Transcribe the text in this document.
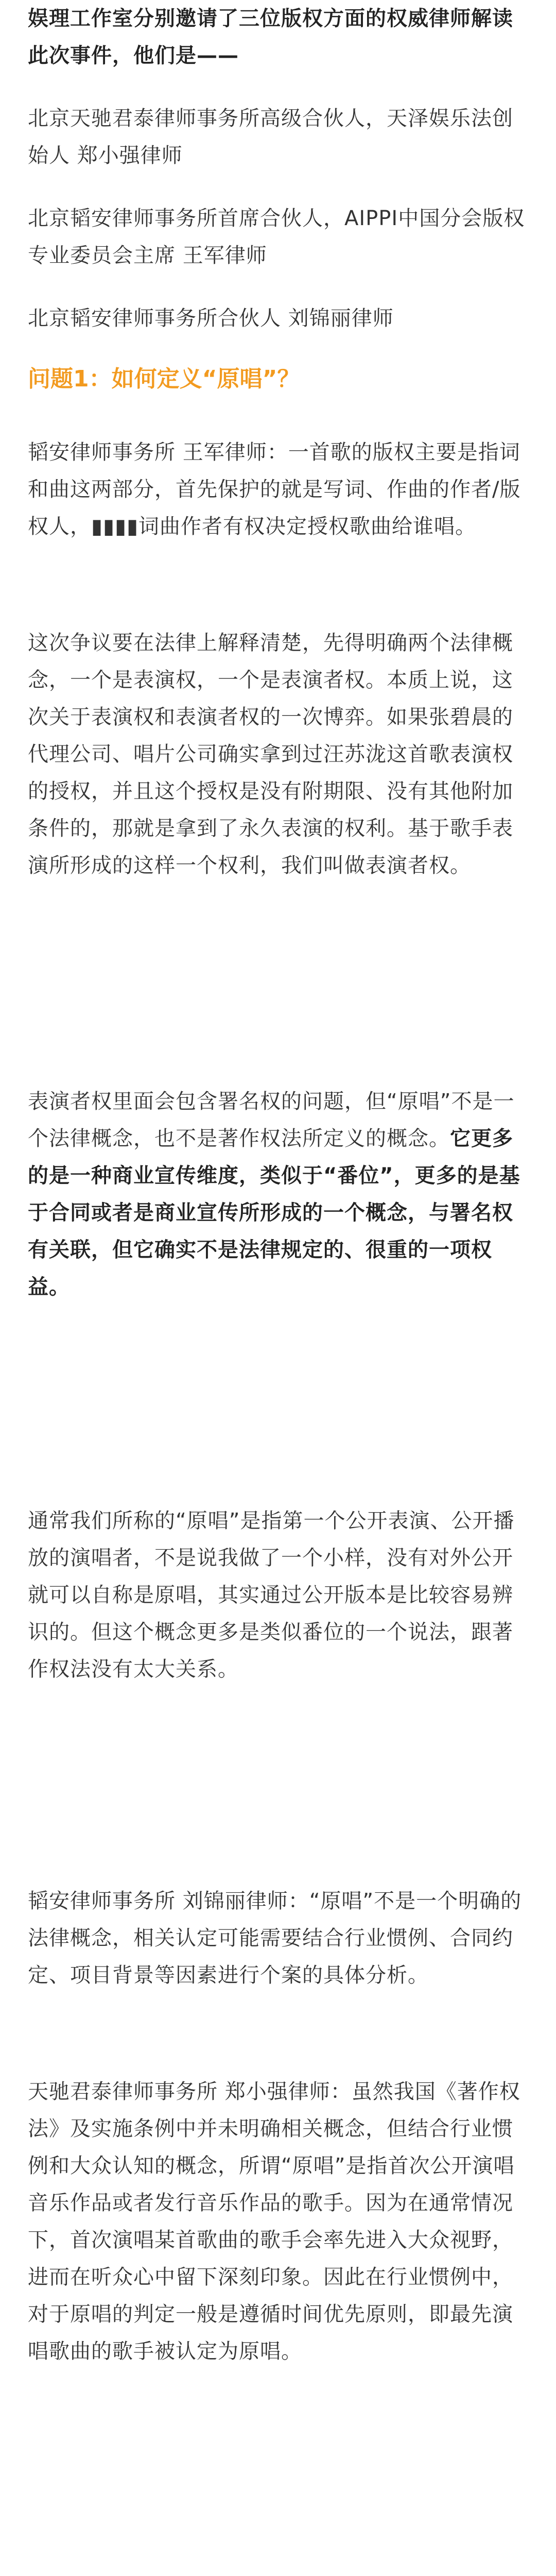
娱理工作室分别邀请了三位版权方面的权威律师解读此次事件，他们是——

北京天驰君泰律师事务所高级合伙人，天泽娱乐法创始人 郑小强律师

北京韬安律师事务所首席合伙人，AIPPI中国分会版权专业委员会主席 王军律师

北京韬安律师事务所合伙人 刘锦丽律师

问题1：如何定义“原唱”？

韬安律师事务所 王军律师：一首歌的版权主要是指词和曲这两部分，首先保护的就是写词、作曲的作者/版权人，▮▮▮▮词曲作者有权决定授权歌曲给谁唱。

这次争议要在法律上解释清楚，先得明确两个法律概念，一个是表演权，一个是表演者权。本质上说，这次关于表演权和表演者权的一次博弈。如果张碧晨的代理公司、唱片公司确实拿到过汪苏泷这首歌表演权的授权，并且这个授权是没有附期限、没有其他附加条件的，那就是拿到了永久表演的权利。基于歌手表演所形成的这样一个权利，我们叫做表演者权。

表演者权里面会包含署名权的问题，但“原唱”不是一个法律概念，也不是著作权法所定义的概念。它更多的是一种商业宣传维度，类似于“番位”，更多的是基于合同或者是商业宣传所形成的一个概念，与署名权有关联，但它确实不是法律规定的、很重的一项权益。

通常我们所称的“原唱”是指第一个公开表演、公开播放的演唱者，不是说我做了一个小样，没有对外公开就可以自称是原唱，其实通过公开版本是比较容易辨识的。但这个概念更多是类似番位的一个说法，跟著作权法没有太大关系。

韬安律师事务所 刘锦丽律师：“原唱”不是一个明确的法律概念，相关认定可能需要结合行业惯例、合同约定、项目背景等因素进行个案的具体分析。

天驰君泰律师事务所 郑小强律师：虽然我国《著作权法》及实施条例中并未明确相关概念，但结合行业惯例和大众认知的概念，所谓“原唱”是指首次公开演唱音乐作品或者发行音乐作品的歌手。因为在通常情况下，首次演唱某首歌曲的歌手会率先进入大众视野，进而在听众心中留下深刻印象。因此在行业惯例中，对于原唱的判定一般是遵循时间优先原则，即最先演唱歌曲的歌手被认定为原唱。
